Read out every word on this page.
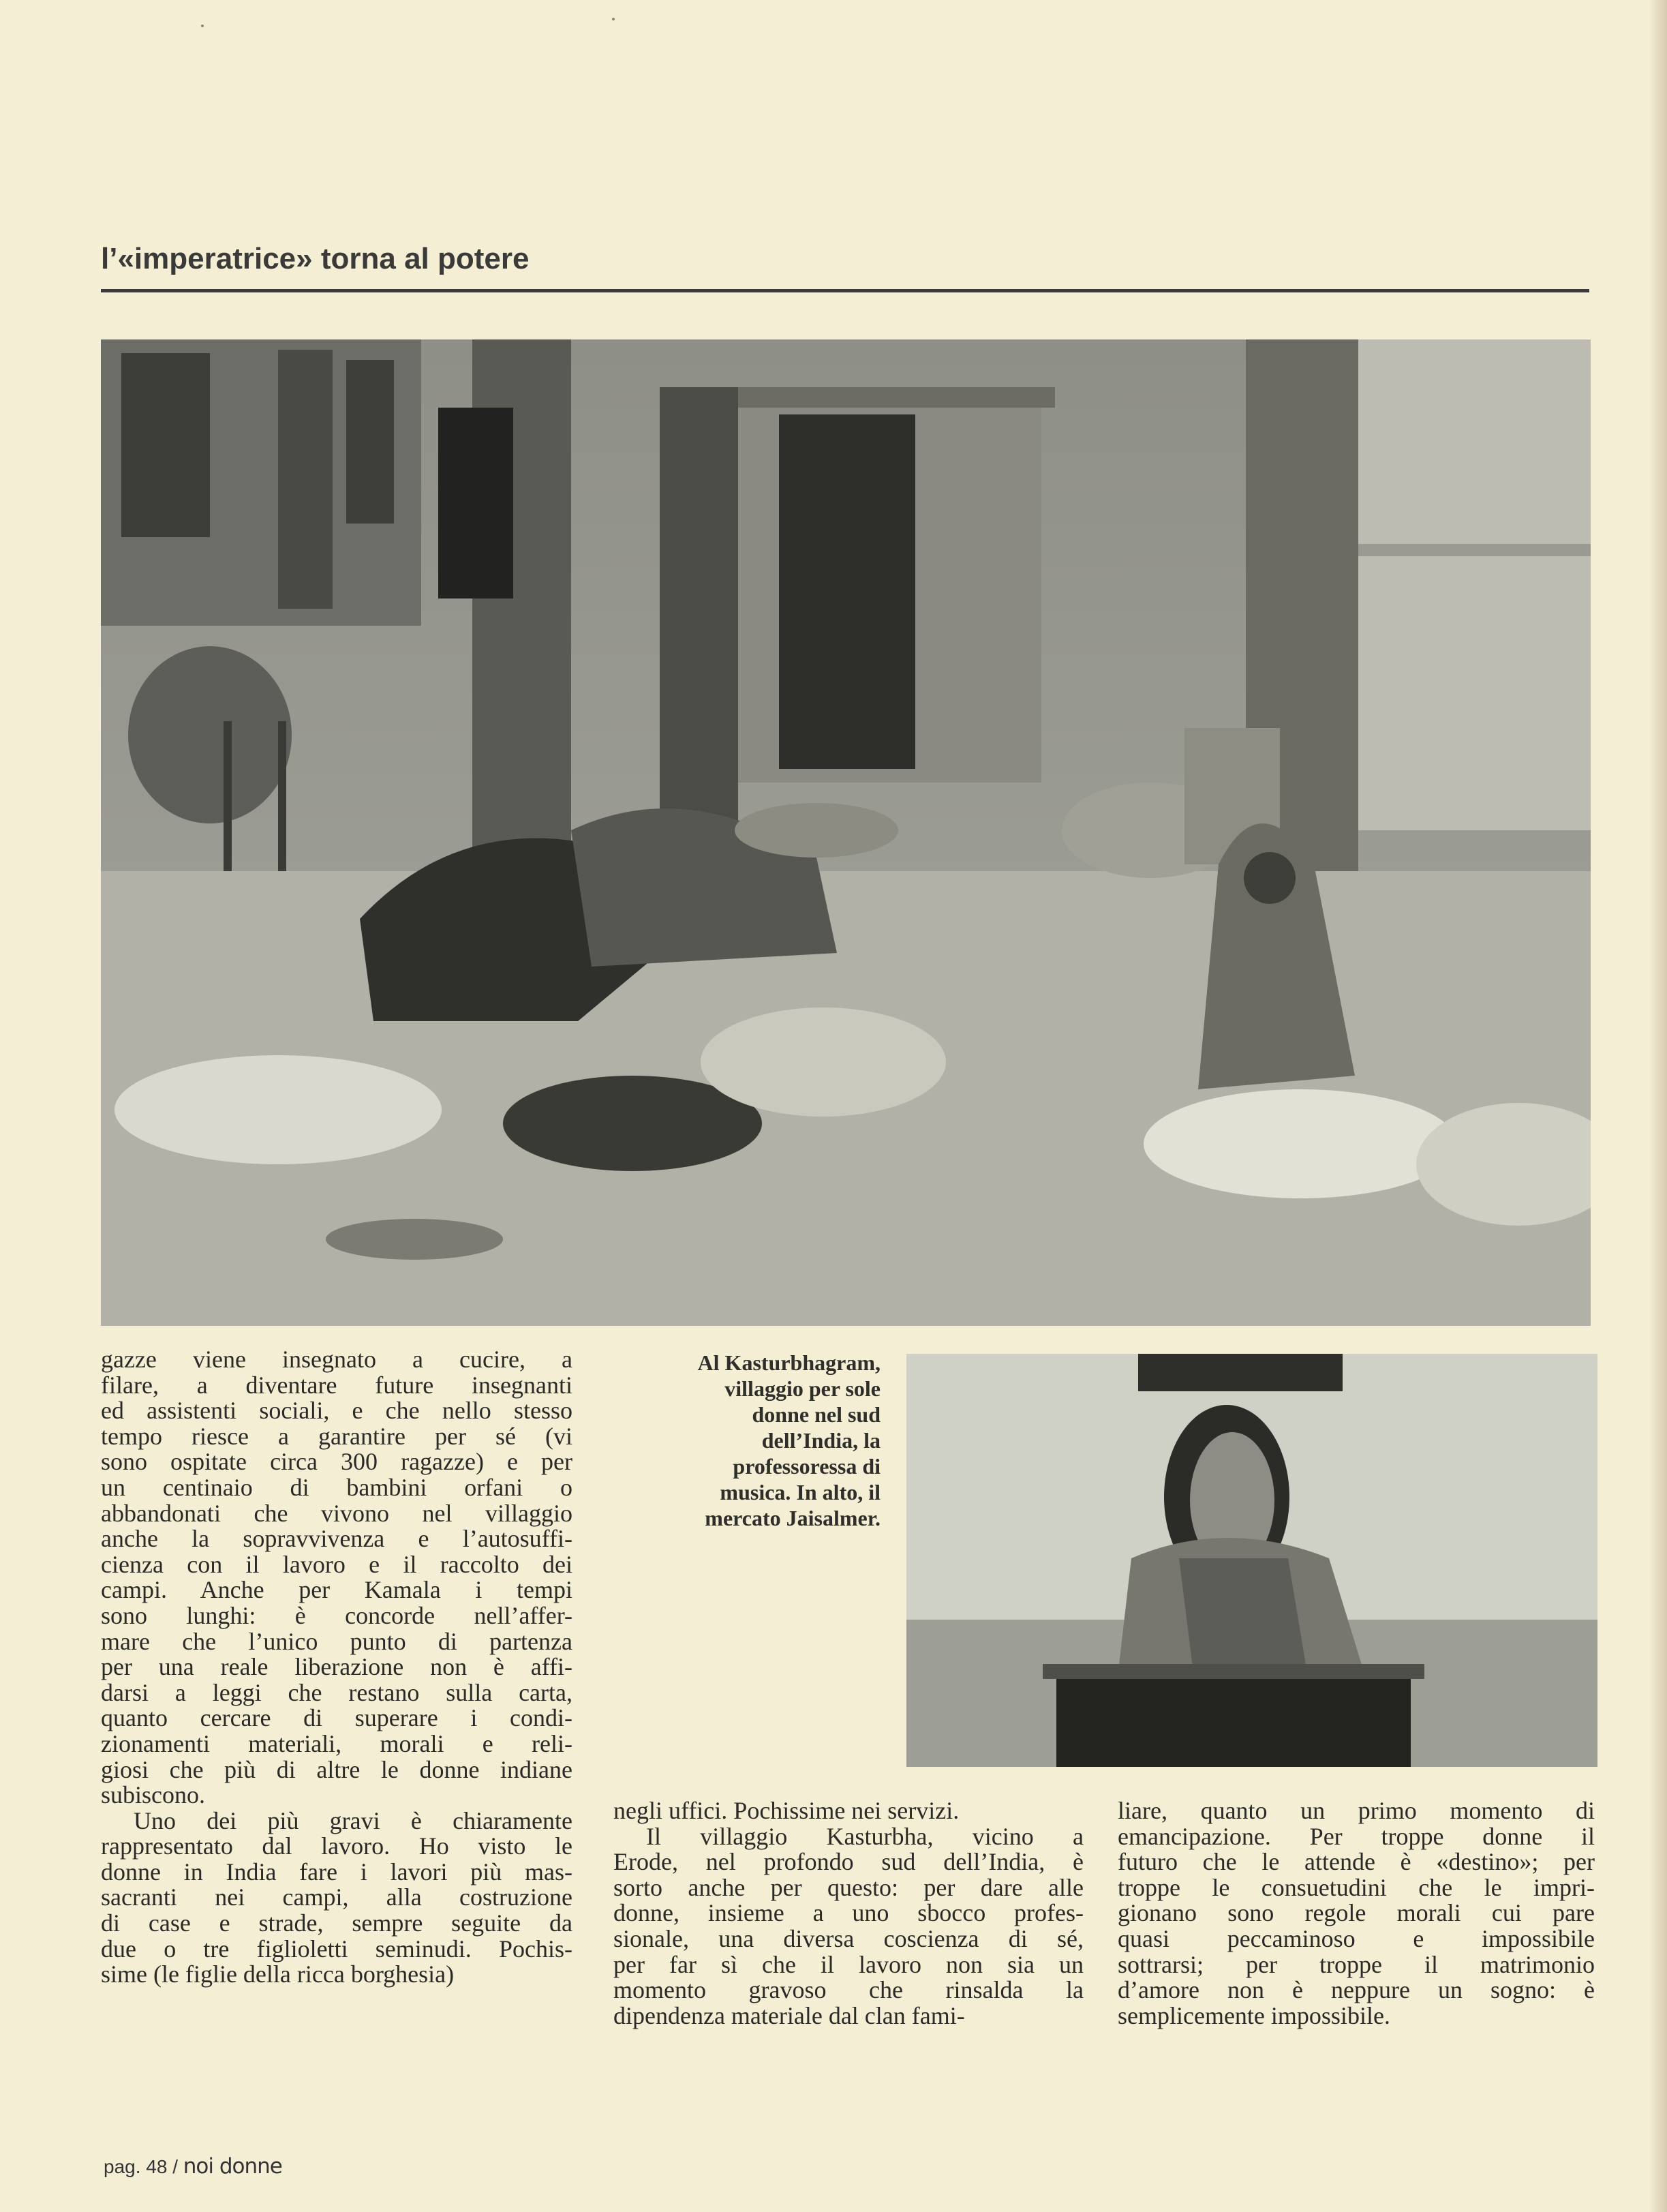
l’«imperatrice» torna al potere
Al Kasturbhagram,
villaggio per sole
donne nel sud
dell’India, la
professoressa di
musica. In alto, il
mercato Jaisalmer.

gazze viene insegnato a cucire, a
filare, a diventare future insegnanti
ed assistenti sociali, e che nello stesso
tempo riesce a garantire per sé (vi
sono ospitate circa 300 ragazze) e per
un centinaio di bambini orfani o
abbandonati che vivono nel villaggio
anche la sopravvivenza e l’autosuffi-
cienza con il lavoro e il raccolto dei
campi. Anche per Kamala i tempi
sono lunghi: è concorde nell’affer-
mare che l’unico punto di partenza
per una reale liberazione non è affi-
darsi a leggi che restano sulla carta,
quanto cercare di superare i condi-
zionamenti materiali, morali e reli-
giosi che più di altre le donne indiane
subiscono.

Uno dei più gravi è chiaramente
rappresentato dal lavoro. Ho visto le
donne in India fare i lavori più mas-
sacranti nei campi, alla costruzione
di case e strade, sempre seguite da
due o tre figlioletti seminudi. Pochis-
sime (le figlie della ricca borghesia)

negli uffici. Pochissime nei servizi.

Il villaggio Kasturbha, vicino a
Erode, nel profondo sud dell’India, è
sorto anche per questo: per dare alle
donne, insieme a uno sbocco profes-
sionale, una diversa coscienza di sé,
per far sì che il lavoro non sia un
momento gravoso che rinsalda la
dipendenza materiale dal clan fami-

liare, quanto un primo momento di
emancipazione. Per troppe donne il
futuro che le attende è «destino»; per
troppe le consuetudini che le impri-
gionano sono regole morali cui pare
quasi peccaminoso e impossibile
sottrarsi; per troppe il matrimonio
d’amore non è neppure un sogno: è
semplicemente impossibile.

pag. 48 / noi donne
